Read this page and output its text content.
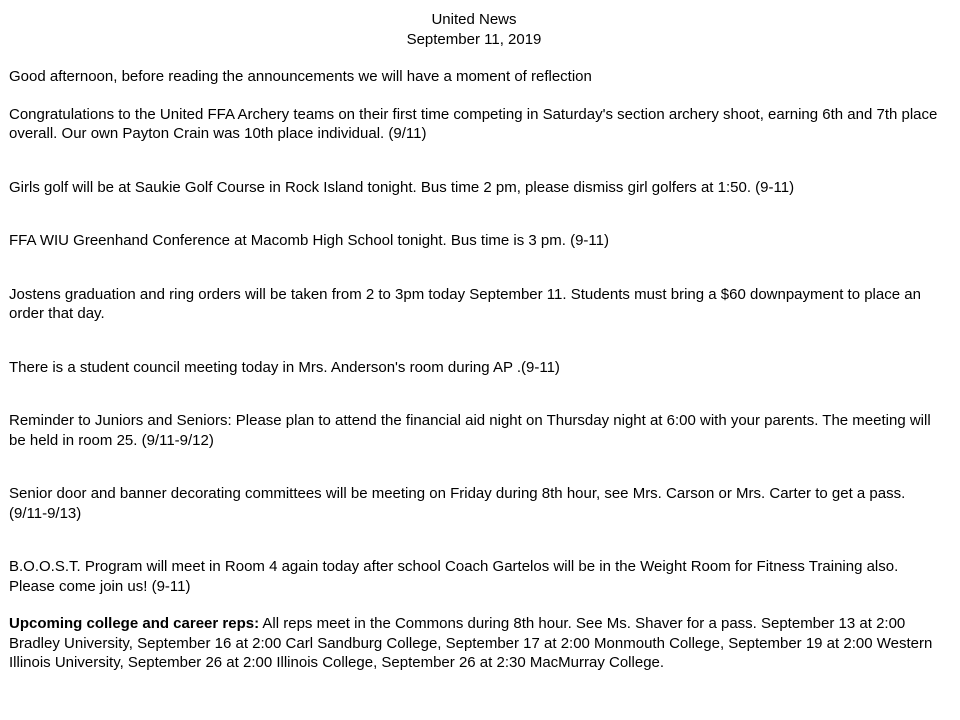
United News
September 11, 2019

Good afternoon, before reading the announcements we will have a moment of reflection

Congratulations to the United FFA Archery teams on their first time competing in Saturday's section archery shoot, earning 6th and 7th place overall. Our own Payton Crain was 10th place individual. (9/11)

Girls golf will be at Saukie Golf Course in Rock Island tonight. Bus time 2 pm, please dismiss girl golfers at 1:50. (9-11)

FFA WIU Greenhand Conference at Macomb High School tonight. Bus time is 3 pm. (9-11)

Jostens graduation and ring orders will be taken from 2 to 3pm today September 11. Students must bring a $60 downpayment to place an order that day.

There is a student council meeting today in Mrs. Anderson's room during AP .(9-11)

Reminder to Juniors and Seniors: Please plan to attend the financial aid night on Thursday night at 6:00 with your parents. The meeting will be held in room 25. (9/11-9/12)

Senior door and banner decorating committees will be meeting on Friday during 8th hour, see Mrs. Carson or Mrs. Carter to get a pass. (9/11-9/13)

B.O.O.S.T. Program will meet in Room 4 again today after school Coach Gartelos will be in the Weight Room for Fitness Training also. Please come join us! (9-11)

Upcoming college and career reps: All reps meet in the Commons during 8th hour. See Ms. Shaver for a pass. September 13 at 2:00 Bradley University, September 16 at 2:00 Carl Sandburg College, September 17 at 2:00 Monmouth College, September 19 at 2:00 Western Illinois University, September 26 at 2:00 Illinois College, September 26 at 2:30 MacMurray College.
